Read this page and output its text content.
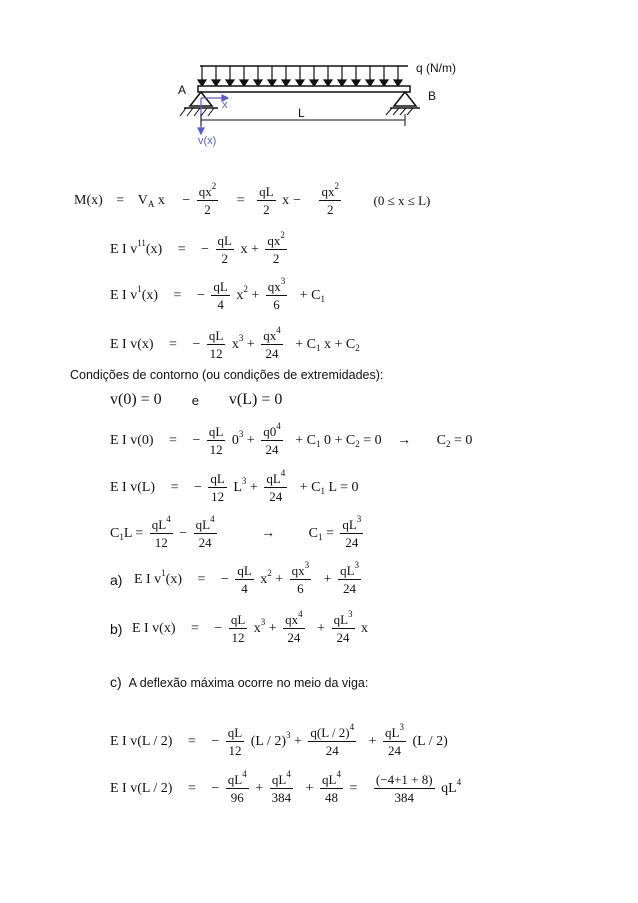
q (N/m)
A	B
x
v(x)
L
$M(x) = V_A$ $x - \frac{qx^2}{2} = \frac{qL}{2}$ $x - \frac{qx^2}{2}$	(0 ≤ x ≤ L)
E I $v^{11}(x)$ = − $\frac{qL}{2}$ $x + \frac{qx^2}{2}$
E I $v^1(x)$ = − $\frac{qL}{4} x^2 + \frac{qx^3}{6} + C_1$
E I v(x) = − $\frac{qL}{12} x^3 + \frac{qx^4}{24} + C_1$ $x + C_2$
Condições de contorno (ou condições de extremidades):
v(0) = 0 e v(L) = 0
E I v(0) = − $\frac{qL}{12} 0^3 + \frac{q0^4}{24} + C_1$ $0 + C_2 = 0 \to C_2 = 0$
E I v(L) = − $\frac{qL}{12} L^3 + \frac{qL^4}{24} + C_1$ L = 0
$C_1L = \frac{qL^4}{12} - \frac{qL^4}{24}$	→ $C_1 = \frac{qL^3}{24}$
a) E I $v^1(x)$ = − $\frac{qL}{4} x^2 + \frac{qx^3}{6} + \frac{qL^3}{24}$
b) E I v(x) = − $\frac{qL}{12} x^3 + \frac{qx^4}{24} + \frac{qL^3}{24}$ x
c) A deflexão máxima ocorre no meio da viga:
E I v(L / 2) = − $\frac{qL}{12} (L / 2)^3 + \frac{q(L / 2)^4}{24} + \frac{qL^3}{24} (L / 2)$
E I v(L / 2) = − $\frac{qL^4}{96} + \frac{qL^4}{384} + \frac{qL^4}{48} = \frac{(-4+1 + 8)}{384} qL^4$
